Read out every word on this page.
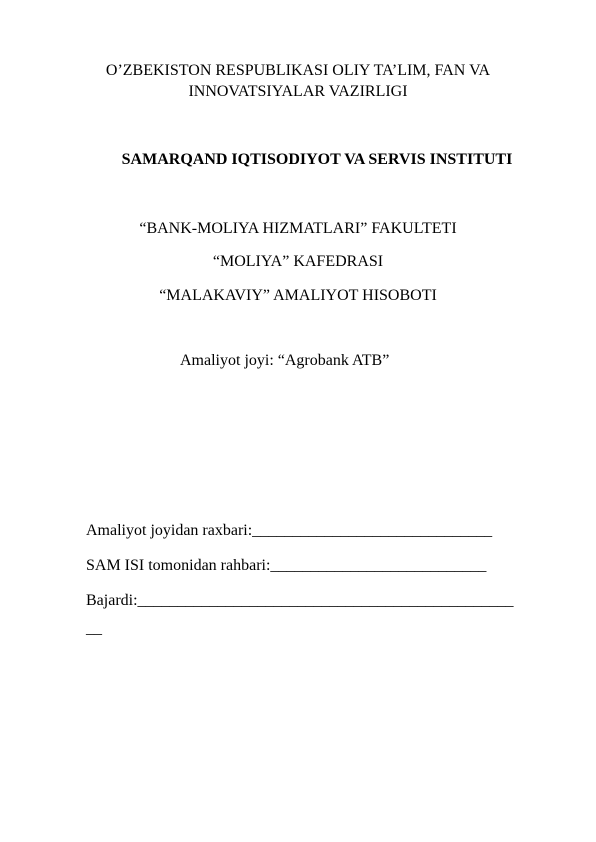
O’ZBEKISTON RESPUBLIKASI OLIY TA’LIM, FAN VA
INNOVATSIYALAR VAZIRLIGI
SAMARQAND IQTISODIYOT VA SERVIS INSTITUTI
“BANK-MOLIYA HIZMATLARI” FAKULTETI
“MOLIYA” KAFEDRASI
“MALAKAVIY” AMALIYOT HISOBOTI
Amaliyot joyi: “Agrobank ATB”
Amaliyot joyidan raxbari:______________________________
SAM ISI tomonidan rahbari:___________________________
Bajardi:_______________________________________________
__
